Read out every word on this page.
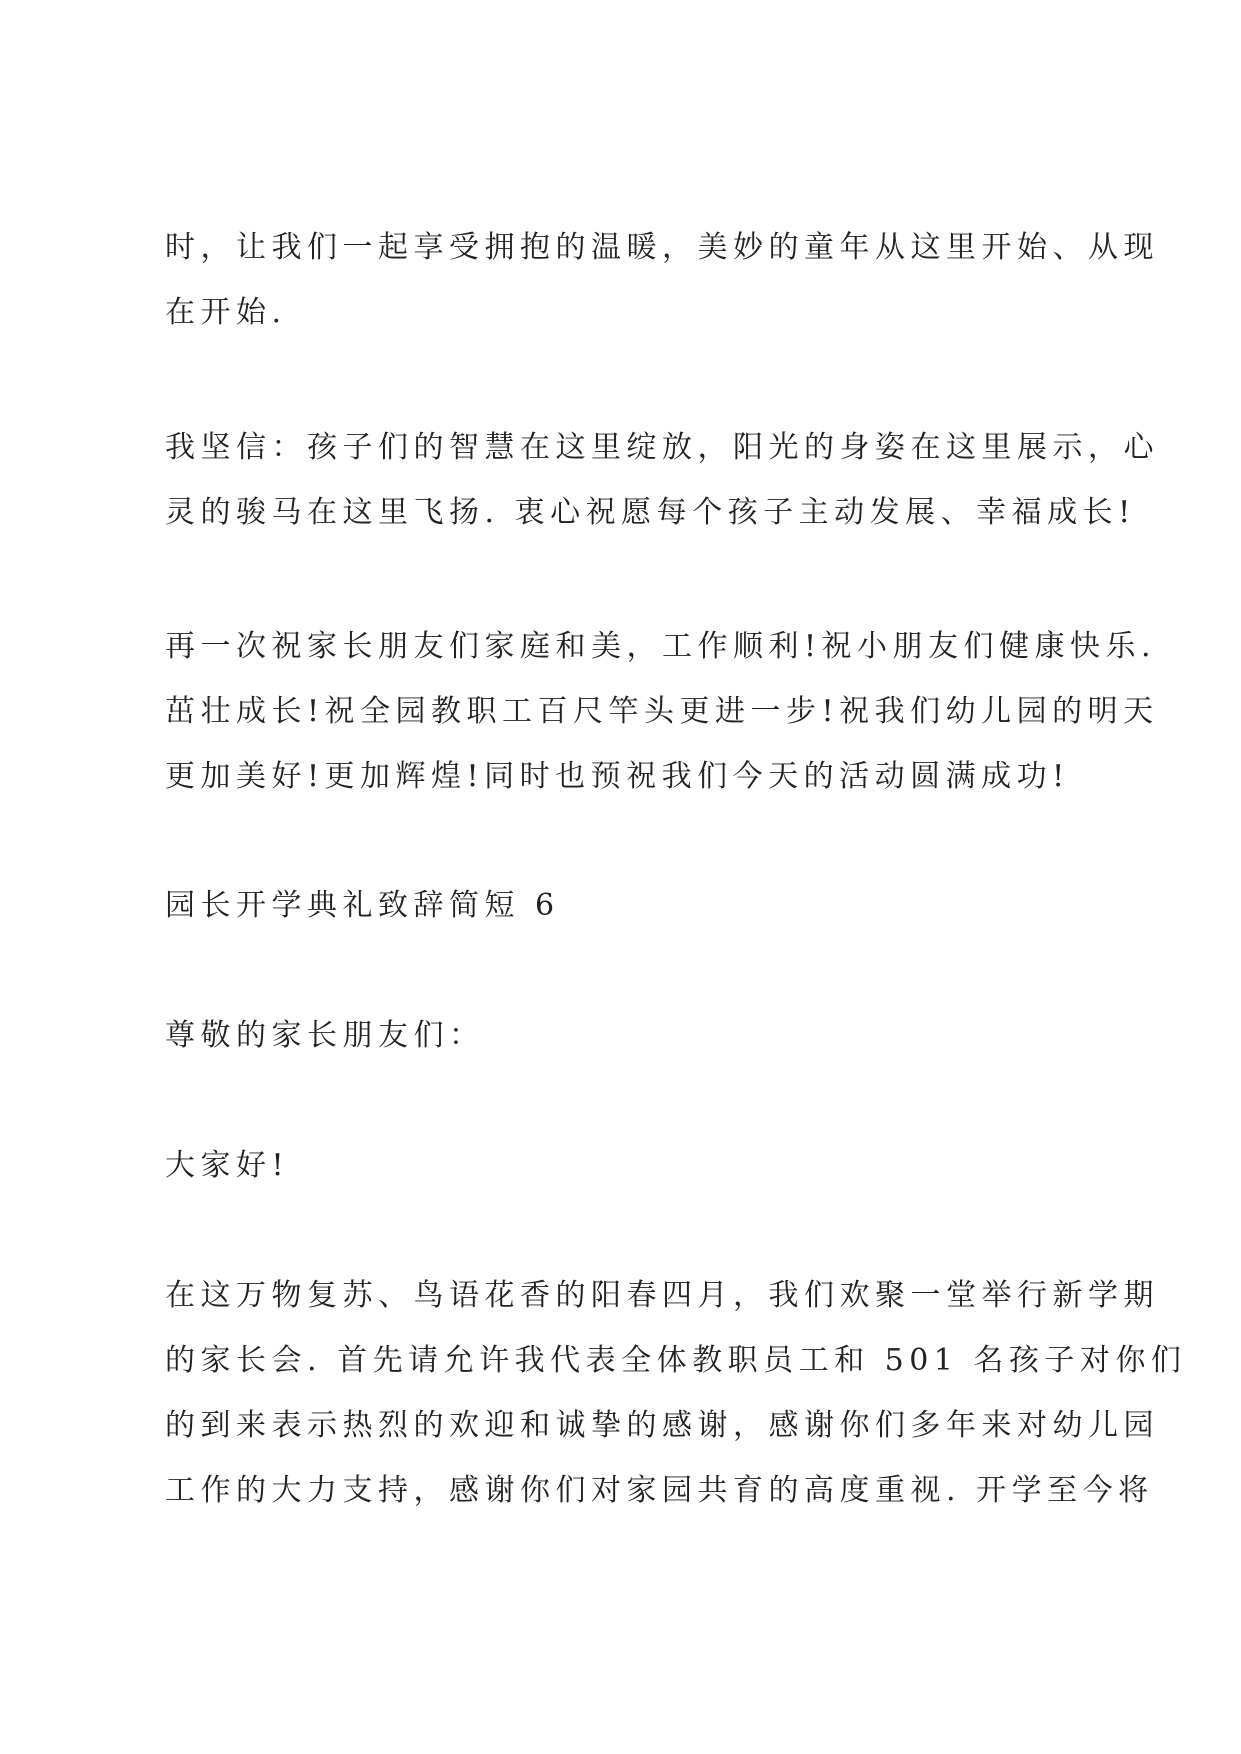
时，让我们一起享受拥抱的温暖，美妙的童年从这里开始、从现
在开始.
我坚信：孩子们的智慧在这里绽放，阳光的身姿在这里展示，心
灵的骏马在这里飞扬. 衷心祝愿每个孩子主动发展、幸福成长!
再一次祝家长朋友们家庭和美，工作顺利!祝小朋友们健康快乐.
茁壮成长!祝全园教职工百尺竿头更进一步!祝我们幼儿园的明天
更加美好!更加辉煌!同时也预祝我们今天的活动圆满成功!
园长开学典礼致辞简短 6
尊敬的家长朋友们：
大家好!
在这万物复苏、鸟语花香的阳春四月，我们欢聚一堂举行新学期
的家长会. 首先请允许我代表全体教职员工和 501 名孩子对你们
的到来表示热烈的欢迎和诚挚的感谢，感谢你们多年来对幼儿园
工作的大力支持，感谢你们对家园共育的高度重视. 开学至今将
